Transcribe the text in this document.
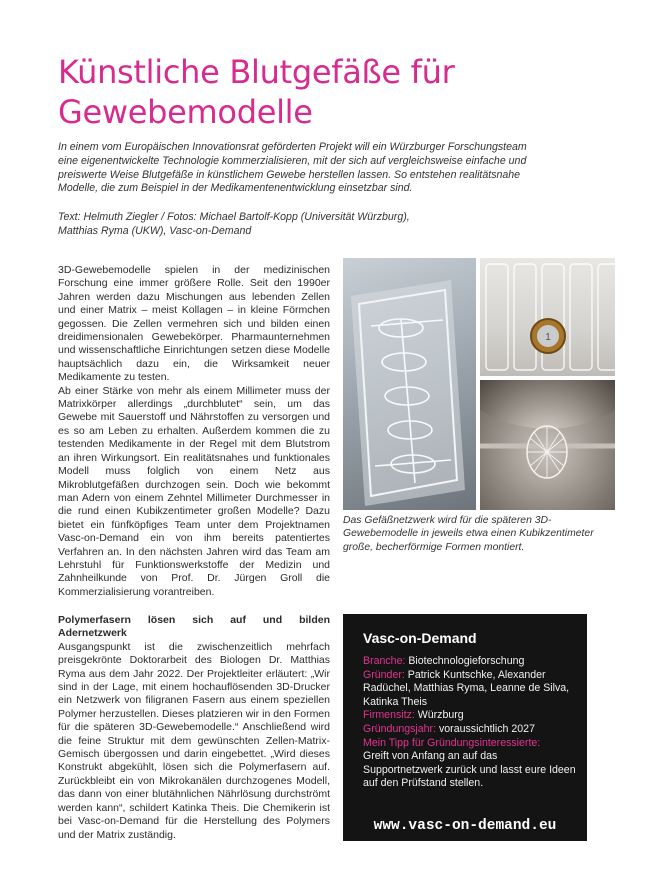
Künstliche Blutgefäße für
Gewebemodelle

In einem vom Europäischen Innovationsrat geförderten Projekt will ein Würzburger Forschungsteam eine eigenentwickelte Technologie kommerzialisieren, mit der sich auf vergleichsweise einfache und preiswerte Weise Blutgefäße in künstlichem Gewebe herstellen lassen. So entstehen realitätsnahe Modelle, die zum Beispiel in der Medikamentenentwicklung einsetzbar sind.

Text: Helmuth Ziegler / Fotos: Michael Bartolf-Kopp (Universität Würzburg),
Matthias Ryma (UKW), Vasc-on-Demand

3D-Gewebemodelle spielen in der medizinischen Forschung eine immer größere Rolle. Seit den 1990er Jahren werden dazu Mischungen aus lebenden Zellen und einer Matrix – meist Kollagen – in kleine Förmchen gegossen. Die Zellen vermehren sich und bilden einen dreidimensionalen Gewebekörper. Pharmaunternehmen und wissenschaftliche Einrichtungen setzen diese Modelle hauptsächlich dazu ein, die Wirksamkeit neuer Medikamente zu testen.
Ab einer Stärke von mehr als einem Millimeter muss der Matrixkörper allerdings „durchblutet“ sein, um das Gewebe mit Sauerstoff und Nährstoffen zu versorgen und es so am Leben zu erhalten. Außerdem kommen die zu testenden Medikamente in der Regel mit dem Blutstrom an ihren Wirkungsort. Ein realitätsnahes und funktionales Modell muss folglich von einem Netz aus Mikroblutgefäßen durchzogen sein. Doch wie bekommt man Adern von einem Zehntel Millimeter Durchmesser in die rund einen Kubikzentimeter großen Modelle? Dazu bietet ein fünfköpfiges Team unter dem Projektnamen Vasc-on-Demand ein von ihm bereits patentiertes Verfahren an. In den nächsten Jahren wird das Team am Lehrstuhl für Funktionswerkstoffe der Medizin und Zahnheilkunde von Prof. Dr. Jürgen Groll die Kommerzialisierung vorantreiben.
Polymerfasern lösen sich auf und bilden Adernetzwerk
Ausgangspunkt ist die zwischenzeitlich mehrfach preisgekrönte Doktorarbeit des Biologen Dr. Matthias Ryma aus dem Jahr 2022. Der Projektleiter erläutert: „Wir sind in der Lage, mit einem hochauflösenden 3D-Drucker ein Netzwerk von filigranen Fasern aus einem speziellen Polymer herzustellen. Dieses platzieren wir in den Formen für die späteren 3D-Gewebemodelle.“ Anschließend wird die feine Struktur mit dem gewünschten Zellen-Matrix-Gemisch übergossen und darin eingebettet. „Wird dieses Konstrukt abgekühlt, lösen sich die Polymerfasern auf. Zurückbleibt ein von Mikrokanälen durchzogenes Modell, das dann von einer blutähnlichen Nährlösung durchströmt werden kann“, schildert Katinka Theis. Die Chemikerin ist bei Vasc-on-Demand für die Herstellung des Polymers und der Matrix zuständig.
1

Das Gefäßnetzwerk wird für die späteren 3D-Gewebemodelle in jeweils etwa einen Kubikzentimeter große, becherförmige Formen montiert.

Vasc-on-Demand

Branche: Biotechnologieforschung
Gründer: Patrick Kuntschke, Alexander Radüchel, Matthias Ryma, Leanne de Silva, Katinka Theis
Firmensitz: Würzburg
Gründungsjahr: voraussichtlich 2027
Mein Tipp für Gründungsinteressierte:
Greift von Anfang an auf das Supportnetzwerk zurück und lasst eure Ideen auf den Prüfstand stellen.

www.vasc-on-demand.eu
